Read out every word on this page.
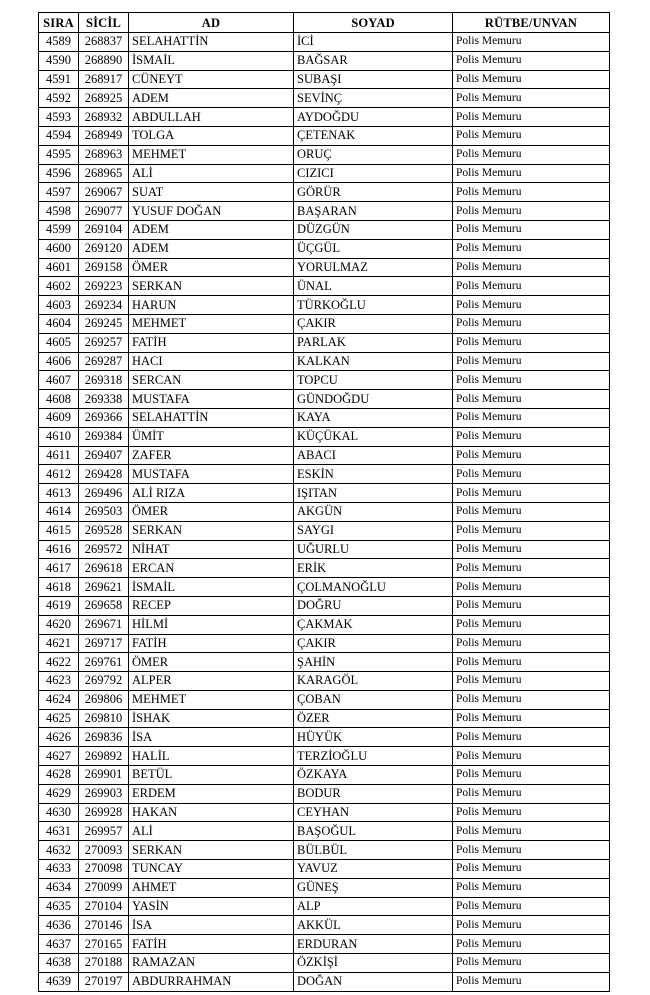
SIRA	SİCİL	AD	SOYAD	RÜTBE/UNVAN
4589	268837	SELAHATTİN	İCİ	Polis Memuru
4590	268890	İSMAİL	BAĞSAR	Polis Memuru
4591	268917	CÜNEYT	SUBAŞI	Polis Memuru
4592	268925	ADEM	SEVİNÇ	Polis Memuru
4593	268932	ABDULLAH	AYDOĞDU	Polis Memuru
4594	268949	TOLGA	ÇETENAK	Polis Memuru
4595	268963	MEHMET	ORUÇ	Polis Memuru
4596	268965	ALİ	CIZICI	Polis Memuru
4597	269067	SUAT	GÖRÜR	Polis Memuru
4598	269077	YUSUF DOĞAN	BAŞARAN	Polis Memuru
4599	269104	ADEM	DÜZGÜN	Polis Memuru
4600	269120	ADEM	ÜÇGÜL	Polis Memuru
4601	269158	ÖMER	YORULMAZ	Polis Memuru
4602	269223	SERKAN	ÜNAL	Polis Memuru
4603	269234	HARUN	TÜRKOĞLU	Polis Memuru
4604	269245	MEHMET	ÇAKIR	Polis Memuru
4605	269257	FATİH	PARLAK	Polis Memuru
4606	269287	HACI	KALKAN	Polis Memuru
4607	269318	SERCAN	TOPCU	Polis Memuru
4608	269338	MUSTAFA	GÜNDOĞDU	Polis Memuru
4609	269366	SELAHATTİN	KAYA	Polis Memuru
4610	269384	ÜMİT	KÜÇÜKAL	Polis Memuru
4611	269407	ZAFER	ABACI	Polis Memuru
4612	269428	MUSTAFA	ESKİN	Polis Memuru
4613	269496	ALİ RIZA	IŞITAN	Polis Memuru
4614	269503	ÖMER	AKGÜN	Polis Memuru
4615	269528	SERKAN	SAYGI	Polis Memuru
4616	269572	NİHAT	UĞURLU	Polis Memuru
4617	269618	ERCAN	ERİK	Polis Memuru
4618	269621	İSMAİL	ÇOLMANOĞLU	Polis Memuru
4619	269658	RECEP	DOĞRU	Polis Memuru
4620	269671	HİLMİ	ÇAKMAK	Polis Memuru
4621	269717	FATİH	ÇAKIR	Polis Memuru
4622	269761	ÖMER	ŞAHİN	Polis Memuru
4623	269792	ALPER	KARAGÖL	Polis Memuru
4624	269806	MEHMET	ÇOBAN	Polis Memuru
4625	269810	İSHAK	ÖZER	Polis Memuru
4626	269836	İSA	HÜYÜK	Polis Memuru
4627	269892	HALİL	TERZİOĞLU	Polis Memuru
4628	269901	BETÜL	ÖZKAYA	Polis Memuru
4629	269903	ERDEM	BODUR	Polis Memuru
4630	269928	HAKAN	CEYHAN	Polis Memuru
4631	269957	ALİ	BAŞOĞUL	Polis Memuru
4632	270093	SERKAN	BÜLBÜL	Polis Memuru
4633	270098	TUNCAY	YAVUZ	Polis Memuru
4634	270099	AHMET	GÜNEŞ	Polis Memuru
4635	270104	YASİN	ALP	Polis Memuru
4636	270146	İSA	AKKÜL	Polis Memuru
4637	270165	FATİH	ERDURAN	Polis Memuru
4638	270188	RAMAZAN	ÖZKİŞİ	Polis Memuru
4639	270197	ABDURRAHMAN	DOĞAN	Polis Memuru
